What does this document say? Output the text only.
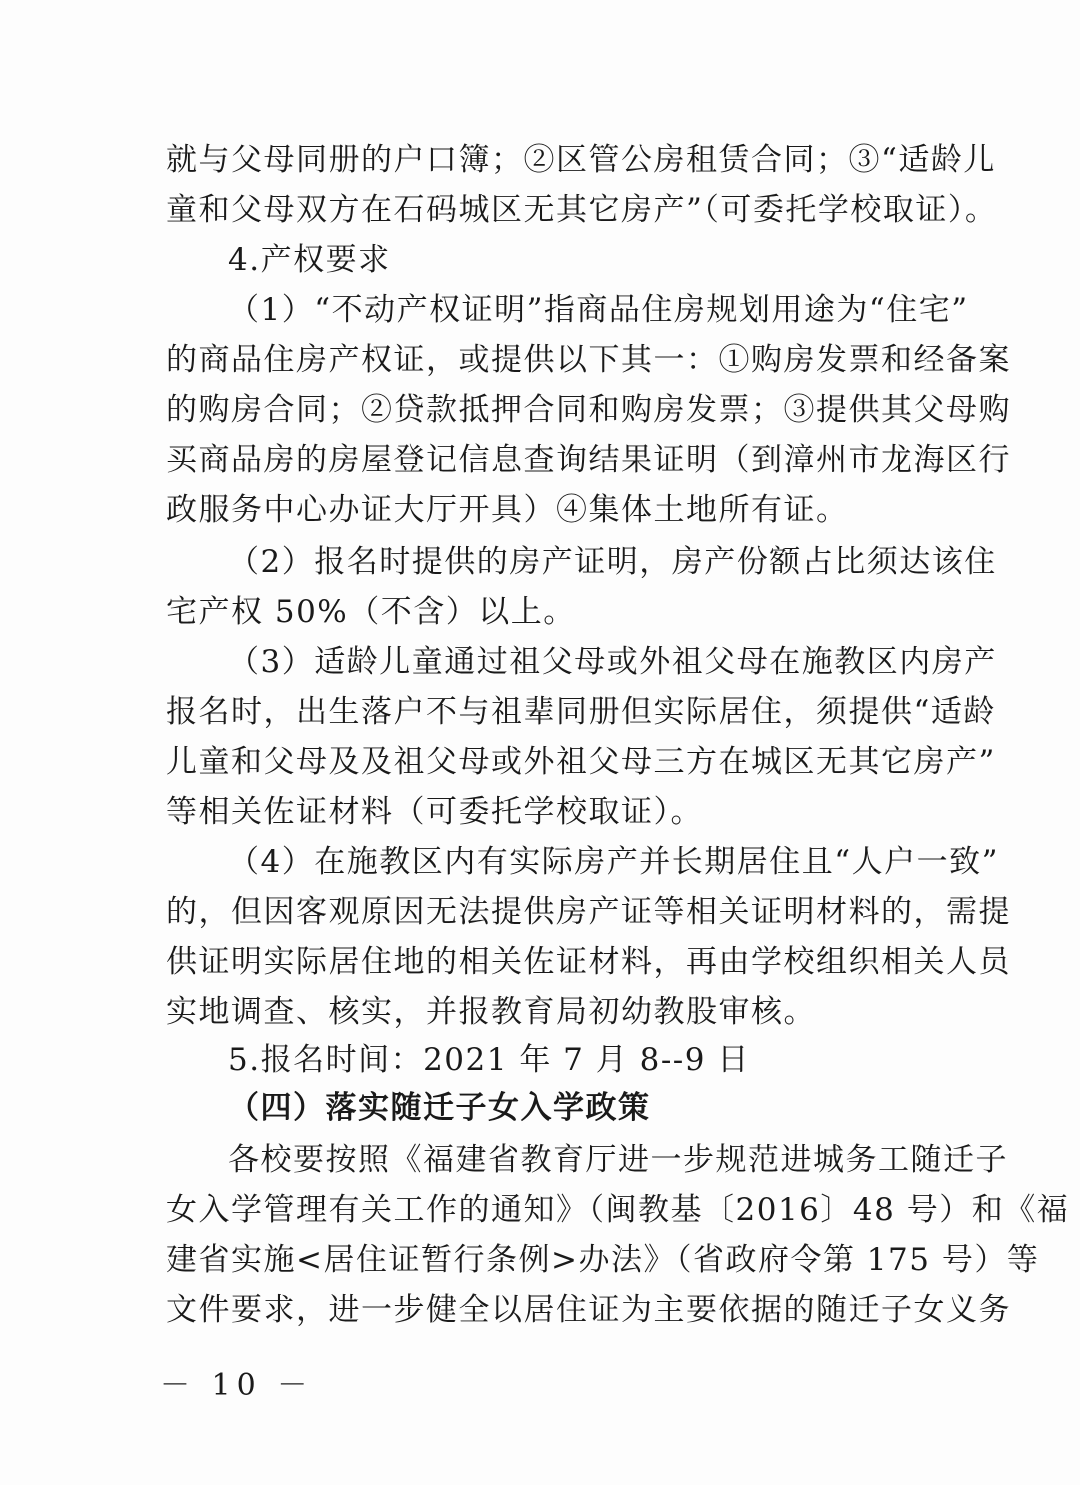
就与父母同册的户口簿；②区管公房租赁合同；③“适龄儿
童和父母双方在石码城区无其它房产”（可委托学校取证）。
4.产权要求
（1）“不动产权证明”指商品住房规划用途为“住宅”
的商品住房产权证，或提供以下其一：①购房发票和经备案
的购房合同；②贷款抵押合同和购房发票；③提供其父母购
买商品房的房屋登记信息查询结果证明（到漳州市龙海区行
政服务中心办证大厅开具）④集体土地所有证。
（2）报名时提供的房产证明，房产份额占比须达该住
宅产权 50%（不含）以上。
（3）适龄儿童通过祖父母或外祖父母在施教区内房产
报名时，出生落户不与祖辈同册但实际居住，须提供“适龄
儿童和父母及及祖父母或外祖父母三方在城区无其它房产”
等相关佐证材料（可委托学校取证）。
（4）在施教区内有实际房产并长期居住且“人户一致”
的，但因客观原因无法提供房产证等相关证明材料的，需提
供证明实际居住地的相关佐证材料，再由学校组织相关人员
实地调查、核实，并报教育局初幼教股审核。
5.报名时间：2021 年 7 月 8--9 日
（四）落实随迁子女入学政策
各校要按照《福建省教育厅进一步规范进城务工随迁子
女入学管理有关工作的通知》（闽教基〔2016〕48 号）和《福
建省实施<居住证暂行条例>办法》（省政府令第 175 号）等
文件要求，进一步健全以居住证为主要依据的随迁子女义务
－ 10 －
